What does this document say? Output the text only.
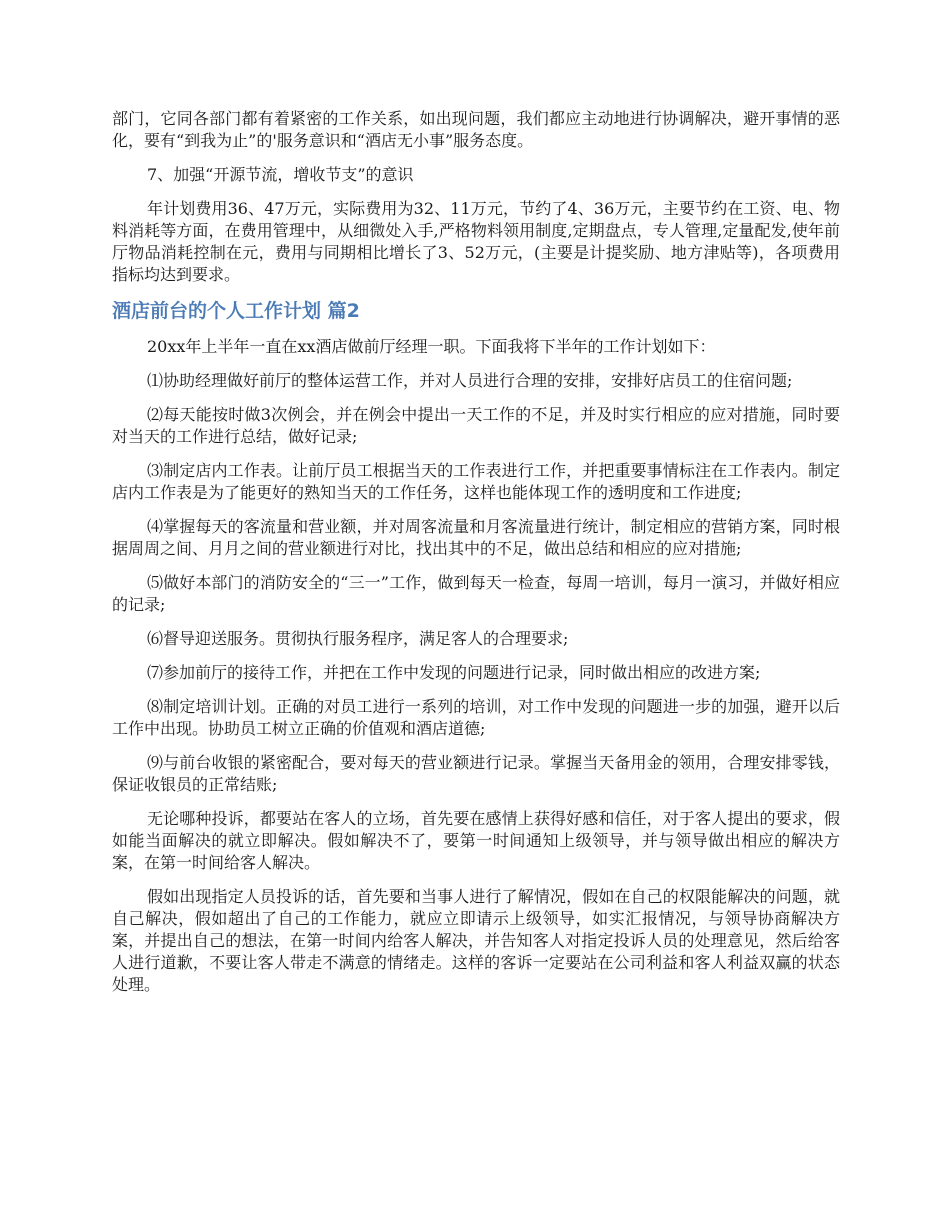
部门，它同各部门都有着紧密的工作关系，如出现问题，我们都应主动地进行协调解决，避开事情的恶化，要有“到我为止”的'服务意识和“酒店无小事”服务态度。

7、加强“开源节流，增收节支”的意识

年计划费用36、47万元，实际费用为32、11万元，节约了4、36万元，主要节约在工资、电、物料消耗等方面，在费用管理中，从细微处入手,严格物料领用制度,定期盘点，专人管理,定量配发,使年前厅物品消耗控制在元，费用与同期相比增长了3、52万元，(主要是计提奖励、地方津贴等)，各项费用指标均达到要求。

酒店前台的个人工作计划 篇2

20xx年上半年一直在xx酒店做前厅经理一职。下面我将下半年的工作计划如下：

⑴协助经理做好前厅的整体运营工作，并对人员进行合理的安排，安排好店员工的住宿问题;

⑵每天能按时做3次例会，并在例会中提出一天工作的不足，并及时实行相应的应对措施，同时要对当天的工作进行总结，做好记录;

⑶制定店内工作表。让前厅员工根据当天的工作表进行工作，并把重要事情标注在工作表内。制定店内工作表是为了能更好的熟知当天的工作任务，这样也能体现工作的透明度和工作进度;

⑷掌握每天的客流量和营业额，并对周客流量和月客流量进行统计，制定相应的营销方案，同时根据周周之间、月月之间的营业额进行对比，找出其中的不足，做出总结和相应的应对措施;

⑸做好本部门的消防安全的“三一”工作，做到每天一检查，每周一培训，每月一演习，并做好相应的记录;

⑹督导迎送服务。贯彻执行服务程序，满足客人的合理要求;

⑺参加前厅的接待工作，并把在工作中发现的问题进行记录，同时做出相应的改进方案;

⑻制定培训计划。正确的对员工进行一系列的培训，对工作中发现的问题进一步的加强，避开以后工作中出现。协助员工树立正确的价值观和酒店道德;

⑼与前台收银的紧密配合，要对每天的营业额进行记录。掌握当天备用金的领用，合理安排零钱，保证收银员的正常结账;

无论哪种投诉，都要站在客人的立场，首先要在感情上获得好感和信任，对于客人提出的要求，假如能当面解决的就立即解决。假如解决不了，要第一时间通知上级领导，并与领导做出相应的解决方案，在第一时间给客人解决。

假如出现指定人员投诉的话，首先要和当事人进行了解情况，假如在自己的权限能解决的问题，就自己解决，假如超出了自己的工作能力，就应立即请示上级领导，如实汇报情况，与领导协商解决方案，并提出自己的想法，在第一时间内给客人解决，并告知客人对指定投诉人员的处理意见，然后给客人进行道歉，不要让客人带走不满意的情绪走。这样的客诉一定要站在公司利益和客人利益双赢的状态处理。
